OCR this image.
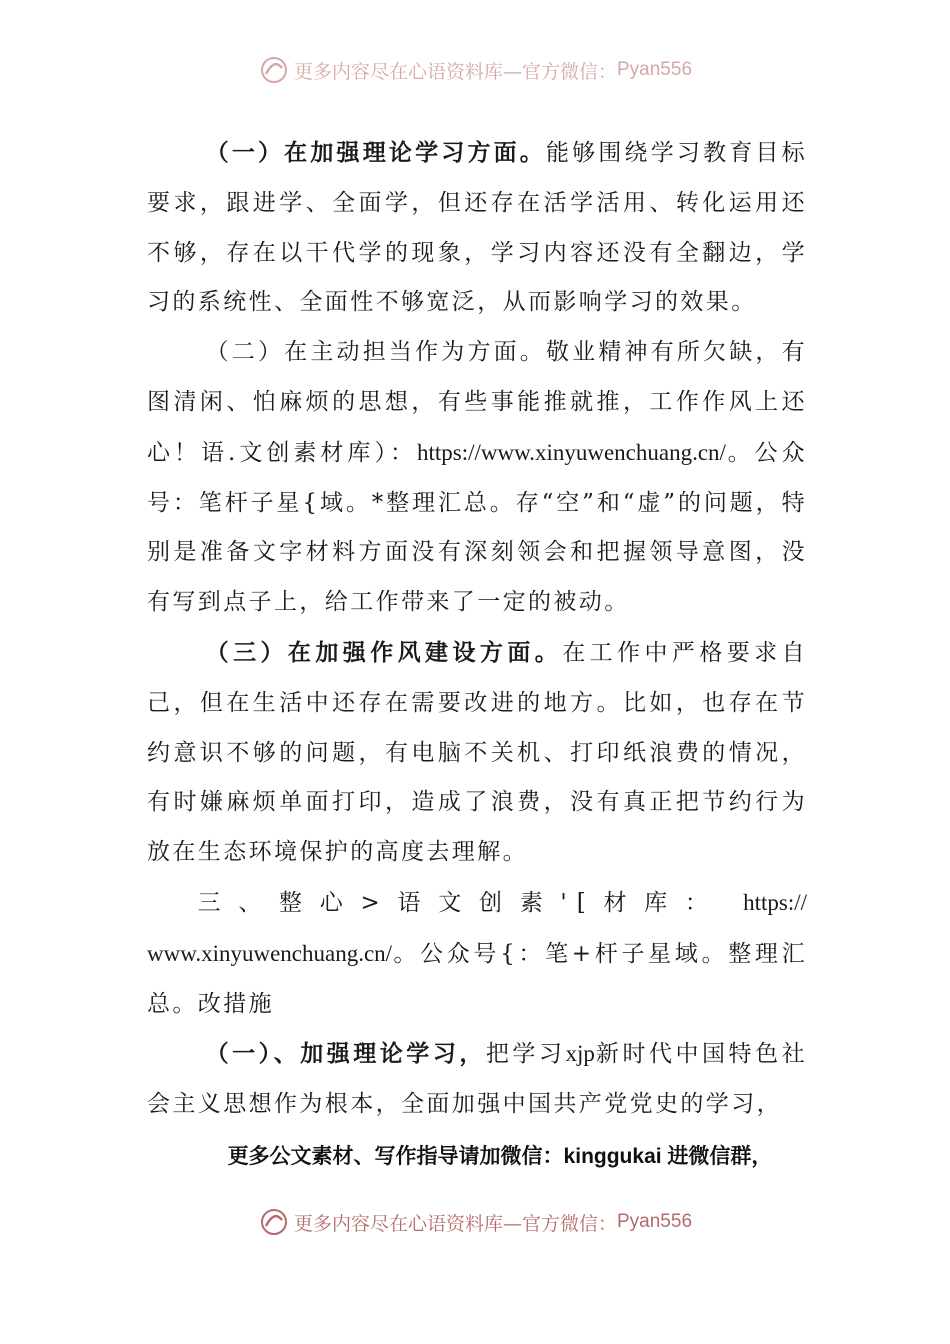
更多内容尽在心语资料库—官方微信： Pyan556

（一）在加强理论学习方面。能够围绕学习教育目标要求，跟进学、全面学，但还存在活学活用、转化运用还不够，存在以干代学的现象，学习内容还没有全翻边，学习的系统性、全面性不够宽泛，从而影响学习的效果。

（二）在主动担当作为方面。敬业精神有所欠缺，有图清闲、怕麻烦的思想，有些事能推就推，工作作风上还心！语.文创素材库）：https://www.xinyuwenchuang.cn/。公众号：笔杆子星{域。*整理汇总。存“空”和“虚”的问题，特别是准备文字材料方面没有深刻领会和把握领导意图，没有写到点子上，给工作带来了一定的被动。

（三）在加强作风建设方面。在工作中严格要求自己，但在生活中还存在需要改进的地方。比如，也存在节约意识不够的问题，有电脑不关机、打印纸浪费的情况，有时嫌麻烦单面打印，造成了浪费，没有真正把节约行为放在生态环境保护的高度去理解。

三、整心>语文创素'[材库： https://

www.xinyuwenchuang.cn/。公众号{：笔+杆子星域。整理汇总。改措施

（一）、加强理论学习，把学习xjp新时代中国特色社会主义思想作为根本，全面加强中国共产党党史的学习，

更多公文素材、写作指导请加微信：kinggukai 进微信群，
更多内容尽在心语资料库—官方微信： Pyan556
